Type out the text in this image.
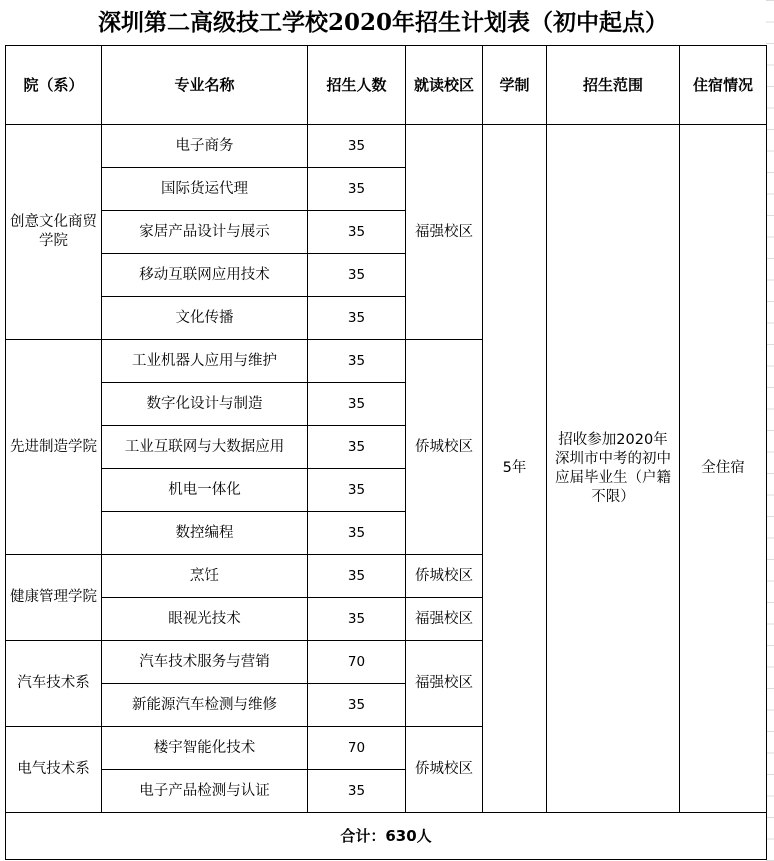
深圳第二高级技工学校2020年招生计划表（初中起点）
院（系）	专业名称	招生人数	就读校区	学制	招生范围	住宿情况
创意文化商贸学院	电子商务	35	福强校区	5年	招收参加2020年深圳市中考的初中应届毕业生（户籍不限）	全住宿
	国际货运代理	35				
	家居产品设计与展示	35				
	移动互联网应用技术	35				
	文化传播	35				
先进制造学院	工业机器人应用与维护	35	侨城校区			
	数字化设计与制造	35				
	工业互联网与大数据应用	35				
	机电一体化	35				
	数控编程	35				
健康管理学院	烹饪	35	侨城校区			
	眼视光技术	35	福强校区			
汽车技术系	汽车技术服务与营销	70	福强校区			
	新能源汽车检测与维修	35				
电气技术系	楼宇智能化技术	70	侨城校区			
	电子产品检测与认证	35				
合计：630人						
